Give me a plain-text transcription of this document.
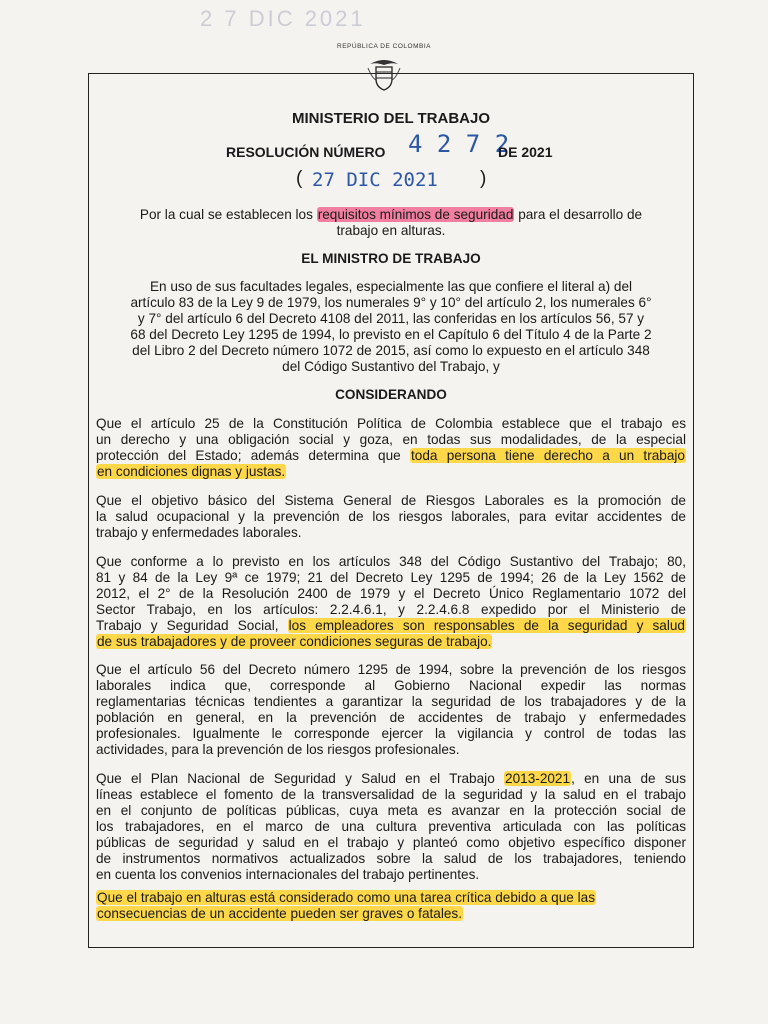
2 7 DIC 2021
REPÚBLICA DE COLOMBIA
MINISTERIO DEL TRABAJO
RESOLUCIÓN NÚMERO 4 2 7 2
DE 2021
( 27 DIC 2021 )
Por la cual se establecen los requisitos mínimos de seguridad para el desarrollo de
trabajo en alturas.
EL MINISTRO DE TRABAJO
En uso de sus facultades legales, especialmente las que confiere el literal a) del
artículo 83 de la Ley 9 de 1979, los numerales 9° y 10° del artículo 2, los numerales 6°
y 7° del artículo 6 del Decreto 4108 del 2011, las conferidas en los artículos 56, 57 y
68 del Decreto Ley 1295 de 1994, lo previsto en el Capítulo 6 del Título 4 de la Parte 2
del Libro 2 del Decreto número 1072 de 2015, así como lo expuesto en el artículo 348
del Código Sustantivo del Trabajo, y
CONSIDERANDO
Que el artículo 25 de la Constitución Política de Colombia establece que el trabajo es
un derecho y una obligación social y goza, en todas sus modalidades, de la especial
protección del Estado; además determina que toda persona tiene derecho a un trabajo
en condiciones dignas y justas.
Que el objetivo básico del Sistema General de Riesgos Laborales es la promoción de
la salud ocupacional y la prevención de los riesgos laborales, para evitar accidentes de
trabajo y enfermedades laborales.
Que conforme a lo previsto en los artículos 348 del Código Sustantivo del Trabajo; 80,
81 y 84 de la Ley 9ª ce 1979; 21 del Decreto Ley 1295 de 1994; 26 de la Ley 1562 de
2012, el 2° de la Resolución 2400 de 1979 y el Decreto Único Reglamentario 1072 del
Sector Trabajo, en los artículos: 2.2.4.6.1, y 2.2.4.6.8 expedido por el Ministerio de
Trabajo y Seguridad Social, los empleadores son responsables de la seguridad y salud
de sus trabajadores y de proveer condiciones seguras de trabajo.
Que el artículo 56 del Decreto número 1295 de 1994, sobre la prevención de los riesgos
laborales indica que, corresponde al Gobierno Nacional expedir las normas
reglamentarias técnicas tendientes a garantizar la seguridad de los trabajadores y de la
población en general, en la prevención de accidentes de trabajo y enfermedades
profesionales. Igualmente le corresponde ejercer la vigilancia y control de todas las
actividades, para la prevención de los riesgos profesionales.
Que el Plan Nacional de Seguridad y Salud en el Trabajo 2013-2021, en una de sus
líneas establece el fomento de la transversalidad de la seguridad y la salud en el trabajo
en el conjunto de políticas públicas, cuya meta es avanzar en la protección social de
los trabajadores, en el marco de una cultura preventiva articulada con las políticas
públicas de seguridad y salud en el trabajo y planteó como objetivo específico disponer
de instrumentos normativos actualizados sobre la salud de los trabajadores, teniendo
en cuenta los convenios internacionales del trabajo pertinentes.
Que el trabajo en alturas está considerado como una tarea crítica debido a que las
consecuencias de un accidente pueden ser graves o fatales.
